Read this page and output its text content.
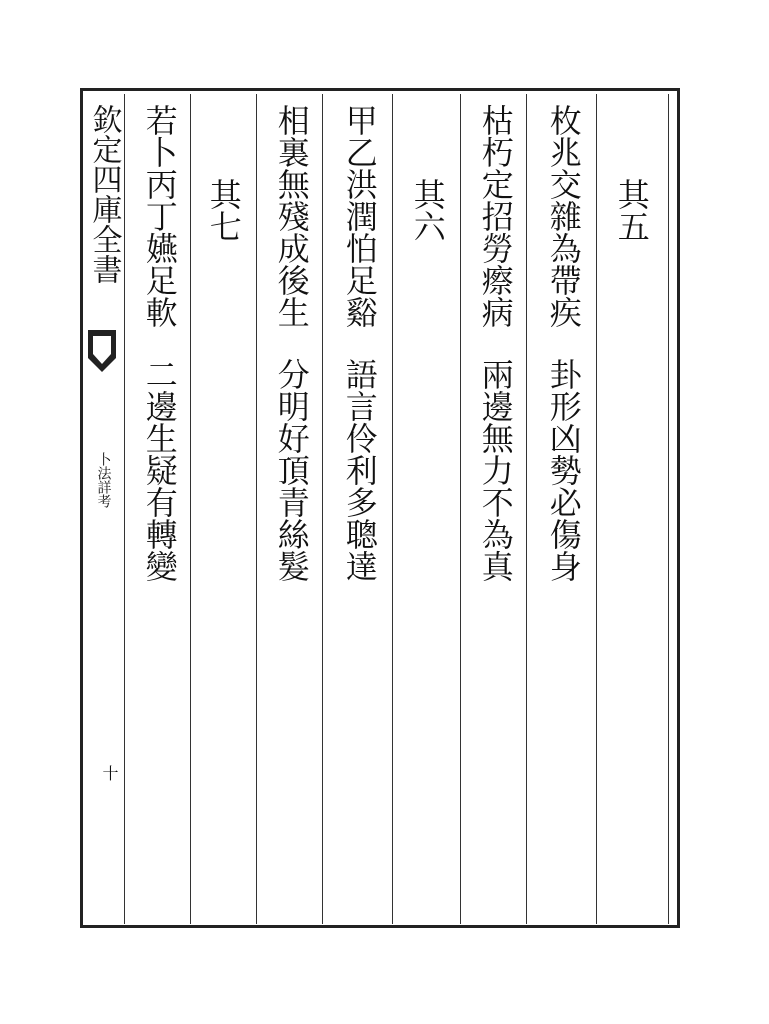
欽定四庫全書
卜法詳考
十
其五
枚兆交雜為帶疾卦形凶勢必傷身
枯朽定招勞瘵病兩邊無力不為真
其六
甲乙洪潤怕足谿語言伶利多聰達
相裏無殘成後生分明好頂青絲髮
其七
若卜丙丁嬿足軟二邊生疑有轉變
